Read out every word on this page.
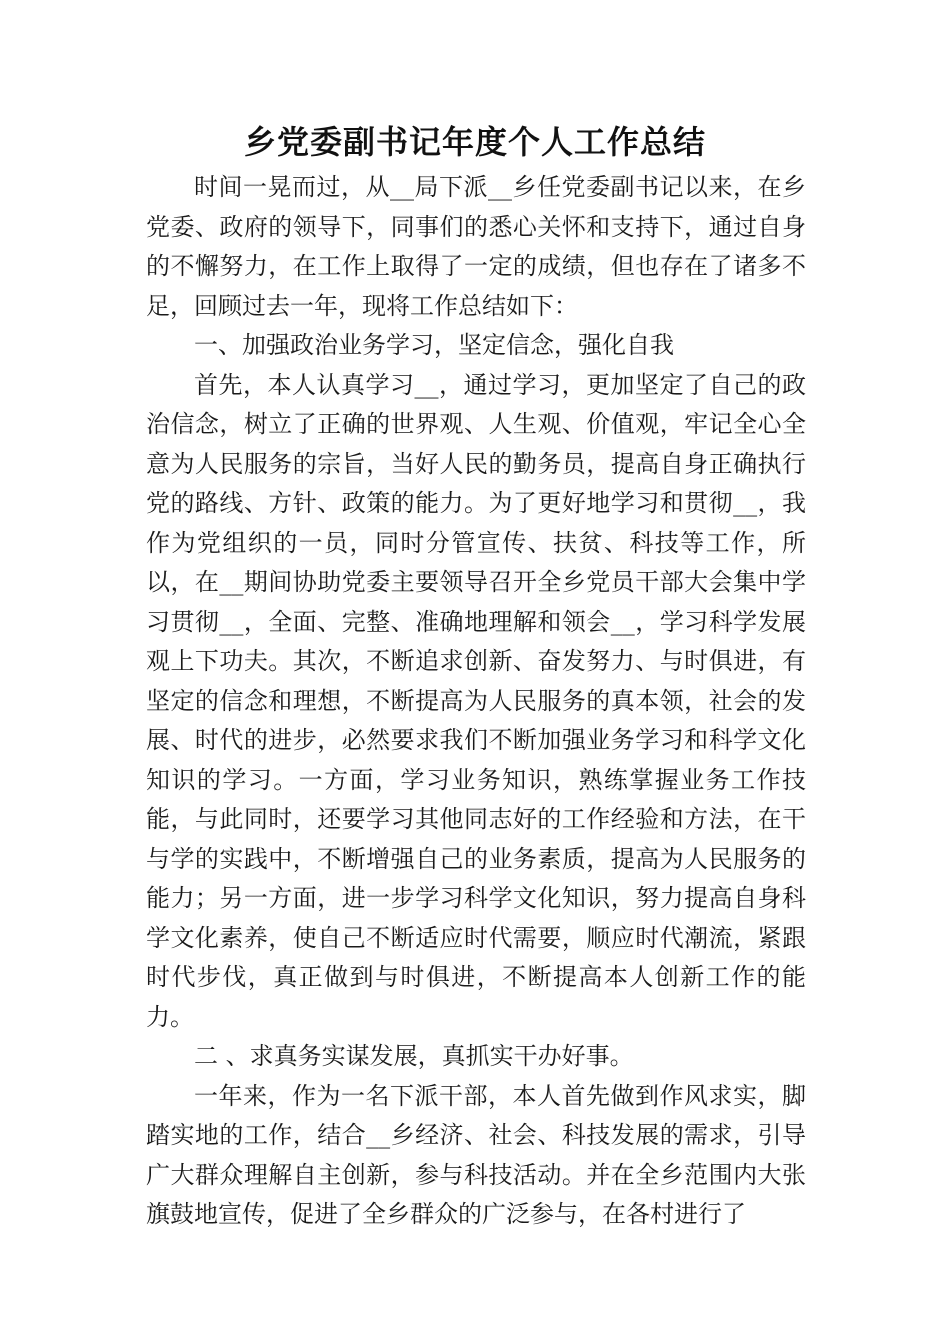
乡党委副书记年度个人工作总结

时间一晃而过，从__局下派__乡任党委副书记以来，在乡党委、政府的领导下，同事们的悉心关怀和支持下，通过自身的不懈努力，在工作上取得了一定的成绩，但也存在了诸多不足，回顾过去一年，现将工作总结如下：

一、加强政治业务学习，坚定信念，强化自我

首先，本人认真学习__，通过学习，更加坚定了自己的政治信念，树立了正确的世界观、人生观、价值观，牢记全心全意为人民服务的宗旨，当好人民的勤务员，提高自身正确执行党的路线、方针、政策的能力。为了更好地学习和贯彻__，我作为党组织的一员，同时分管宣传、扶贫、科技等工作，所以，在__期间协助党委主要领导召开全乡党员干部大会集中学习贯彻__，全面、完整、准确地理解和领会__，学习科学发展观上下功夫。其次，不断追求创新、奋发努力、与时俱进，有坚定的信念和理想，不断提高为人民服务的真本领，社会的发展、时代的进步，必然要求我们不断加强业务学习和科学文化知识的学习。一方面，学习业务知识，熟练掌握业务工作技能，与此同时，还要学习其他同志好的工作经验和方法，在干与学的实践中，不断增强自己的业务素质，提高为人民服务的能力；另一方面，进一步学习科学文化知识，努力提高自身科学文化素养，使自己不断适应时代需要，顺应时代潮流，紧跟时代步伐，真正做到与时俱进，不断提高本人创新工作的能力。

二 、求真务实谋发展，真抓实干办好事。

一年来，作为一名下派干部，本人首先做到作风求实，脚踏实地的工作，结合__乡经济、社会、科技发展的需求，引导广大群众理解自主创新，参与科技活动。并在全乡范围内大张旗鼓地宣传，促进了全乡群众的广泛参与，在各村进行了
